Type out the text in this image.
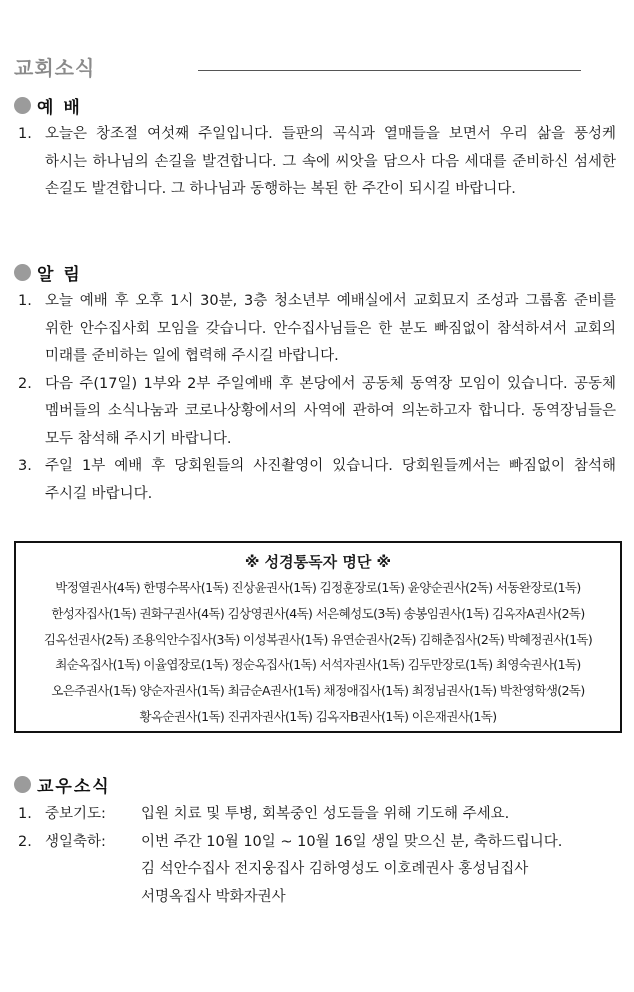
교회소식
예 배
1. 오늘은 창조절 여섯째 주일입니다. 들판의 곡식과 열매들을 보면서 우리 삶을 풍성케 하시는 하나님의 손길을 발견합니다. 그 속에 씨앗을 담으사 다음 세대를 준비하신 섬세한 손길도 발견합니다. 그 하나님과 동행하는 복된 한 주간이 되시길 바랍니다.
알 림
1. 오늘 예배 후 오후 1시 30분, 3층 청소년부 예배실에서 교회묘지 조성과 그룹홈 준비를 위한 안수집사회 모임을 갖습니다. 안수집사님들은 한 분도 빠짐없이 참석하셔서 교회의 미래를 준비하는 일에 협력해 주시길 바랍니다.
2. 다음 주(17일) 1부와 2부 주일예배 후 본당에서 공동체 동역장 모임이 있습니다. 공동체 멤버들의 소식나눔과 코로나상황에서의 사역에 관하여 의논하고자 합니다. 동역장님들은 모두 참석해 주시기 바랍니다.
3. 주일 1부 예배 후 당회원들의 사진촬영이 있습니다. 당회원들께서는 빠짐없이 참석해 주시길 바랍니다.
※ 성경통독자 명단 ※
박정열권사(4독) 한명수목사(1독) 진상윤권사(1독) 김정훈장로(1독) 윤양순권사(2독) 서동완장로(1독)
한성자집사(1독) 권화구권사(4독) 김상영권사(4독) 서은혜성도(3독) 송봉임권사(1독) 김옥자A권사(2독)
김옥선권사(2독) 조용익안수집사(3독) 이성복권사(1독) 유연순권사(2독) 김해춘집사(2독) 박혜정권사(1독)
최순옥집사(1독) 이율엽장로(1독) 정순옥집사(1독) 서석자권사(1독) 김두만장로(1독) 최영숙권사(1독)
오은주권사(1독) 양순자권사(1독) 최금순A권사(1독) 채정애집사(1독) 최정님권사(1독) 박찬영학생(2독)
황옥순권사(1독) 진귀자권사(1독) 김옥자B권사(1독) 이은재권사(1독)
교우소식
1. 중보기도: 입원 치료 및 투병, 회복중인 성도들을 위해 기도해 주세요.
2. 생일축하: 이번 주간 10월 10일 ~ 10월 16일 생일 맞으신 분, 축하드립니다.
김 석안수집사 전지웅집사 김하영성도 이호례권사 홍성님집사
서명옥집사 박화자권사
